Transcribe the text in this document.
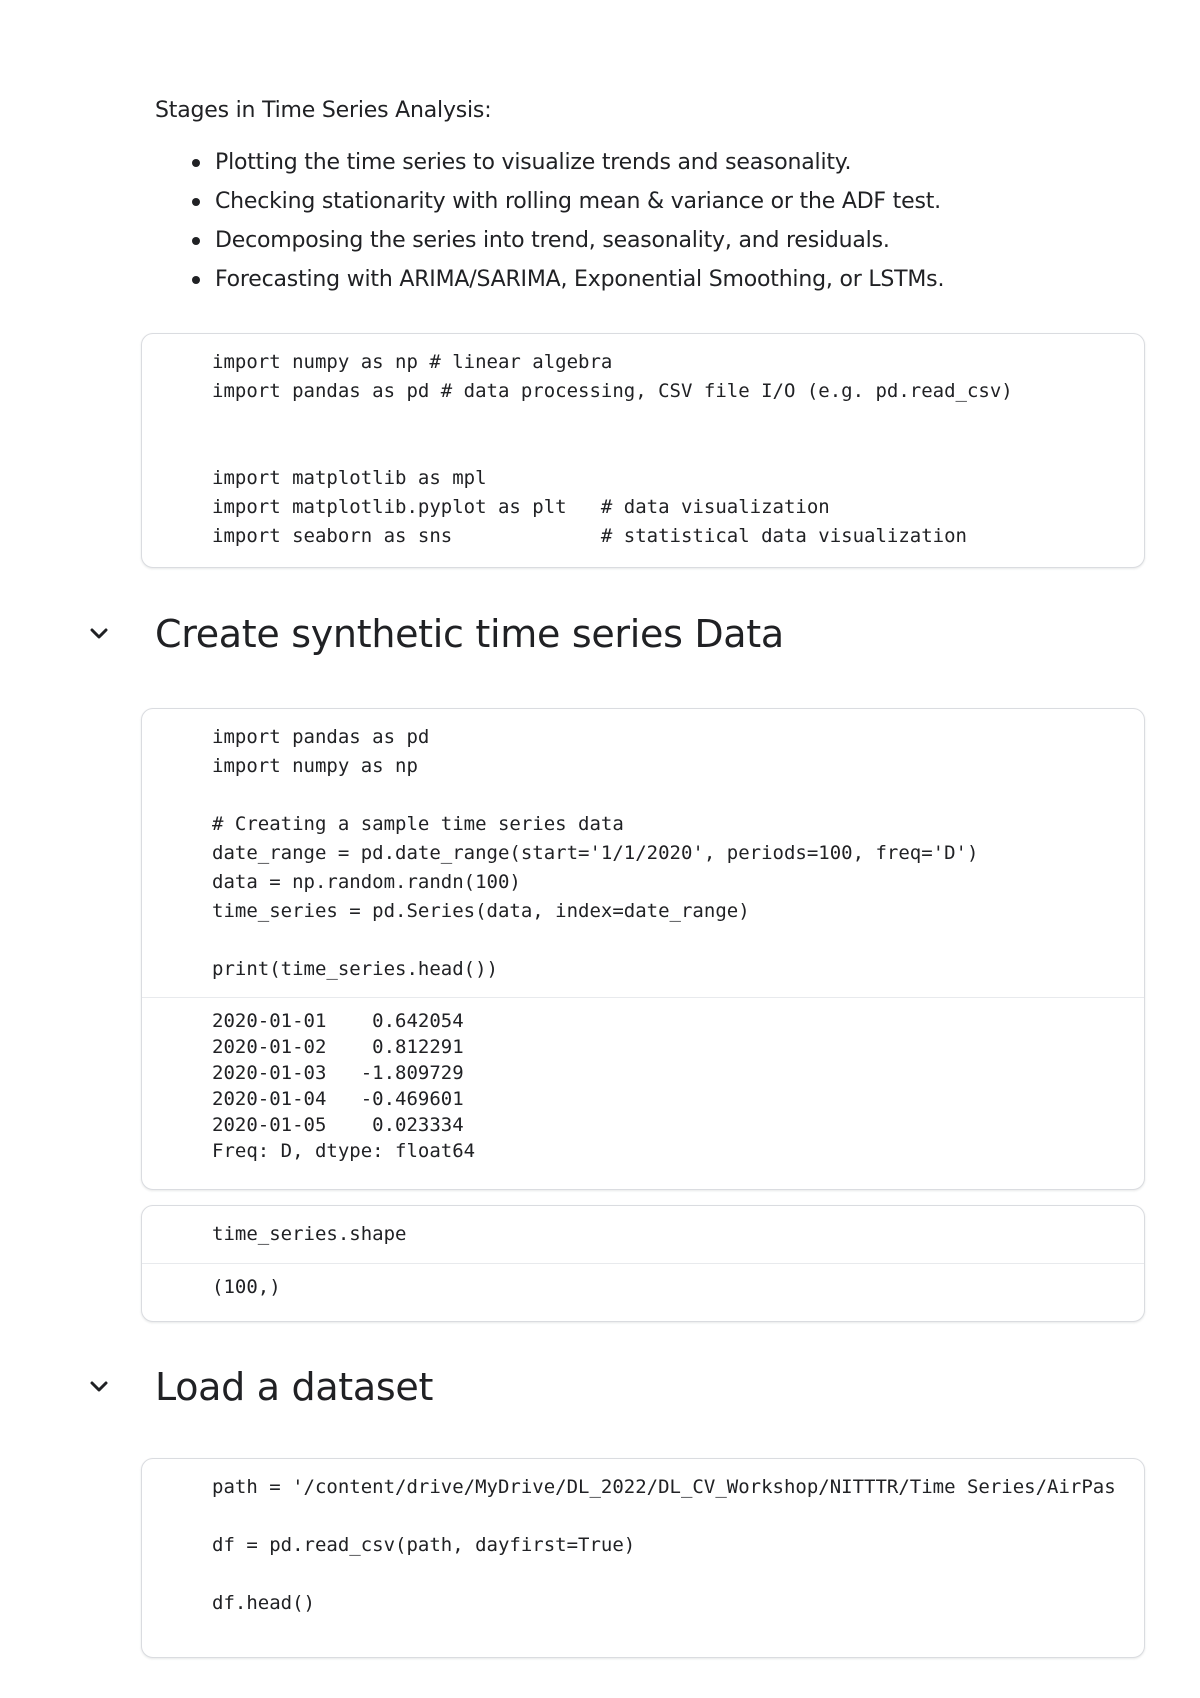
Stages in Time Series Analysis:

Plotting the time series to visualize trends and seasonality.
Checking stationarity with rolling mean & variance or the ADF test.
Decomposing the series into trend, seasonality, and residuals.
Forecasting with ARIMA/SARIMA, Exponential Smoothing, or LSTMs.
import numpy as np # linear algebra
import pandas as pd # data processing, CSV file I/O (e.g. pd.read_csv)

import matplotlib as mpl
import matplotlib.pyplot as plt   # data visualization
import seaborn as sns             # statistical data visualization
Create synthetic time series Data
import pandas as pd
import numpy as np

# Creating a sample time series data
date_range = pd.date_range(start='1/1/2020', periods=100, freq='D')
data = np.random.randn(100)
time_series = pd.Series(data, index=date_range)

print(time_series.head())
2020-01-01    0.642054
2020-01-02    0.812291
2020-01-03   -1.809729
2020-01-04   -0.469601
2020-01-05    0.023334
Freq: D, dtype: float64
time_series.shape
(100,)
Load a dataset
path = '/content/drive/MyDrive/DL_2022/DL_CV_Workshop/NITTTR/Time Series/AirPas

df = pd.read_csv(path, dayfirst=True)

df.head()
